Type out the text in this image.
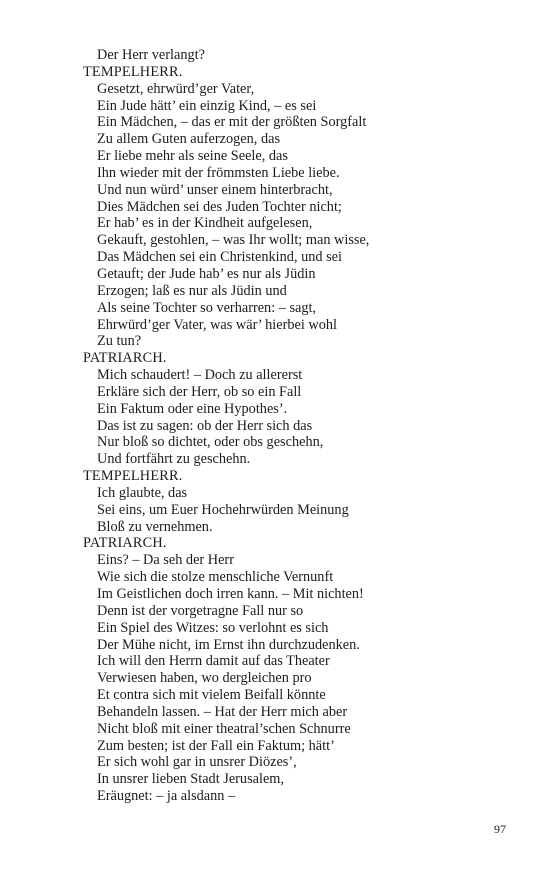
Der Herr verlangt?
TEMPELHERR.
Gesetzt, ehrwürd’ger Vater,
Ein Jude hätt’ ein einzig Kind, – es sei
Ein Mädchen, – das er mit der größten Sorgfalt
Zu allem Guten auferzogen, das
Er liebe mehr als seine Seele, das
Ihn wieder mit der frömmsten Liebe liebe.
Und nun würd’ unser einem hinterbracht,
Dies Mädchen sei des Juden Tochter nicht;
Er hab’ es in der Kindheit aufgelesen,
Gekauft, gestohlen, – was Ihr wollt; man wisse,
Das Mädchen sei ein Christenkind, und sei
Getauft; der Jude hab’ es nur als Jüdin
Erzogen; laß es nur als Jüdin und
Als seine Tochter so verharren: – sagt,
Ehrwürd’ger Vater, was wär’ hierbei wohl
Zu tun?
PATRIARCH.
Mich schaudert! – Doch zu allererst
Erkläre sich der Herr, ob so ein Fall
Ein Faktum oder eine Hypothes’.
Das ist zu sagen: ob der Herr sich das
Nur bloß so dichtet, oder obs geschehn,
Und fortfährt zu geschehn.
TEMPELHERR.
Ich glaubte, das
Sei eins, um Euer Hochehrwürden Meinung
Bloß zu vernehmen.
PATRIARCH.
Eins? – Da seh der Herr
Wie sich die stolze menschliche Vernunft
Im Geistlichen doch irren kann. – Mit nichten!
Denn ist der vorgetragne Fall nur so
Ein Spiel des Witzes: so verlohnt es sich
Der Mühe nicht, im Ernst ihn durchzudenken.
Ich will den Herrn damit auf das Theater
Verwiesen haben, wo dergleichen pro
Et contra sich mit vielem Beifall könnte
Behandeln lassen. – Hat der Herr mich aber
Nicht bloß mit einer theatral’schen Schnurre
Zum besten; ist der Fall ein Faktum; hätt’
Er sich wohl gar in unsrer Diözes’,
In unsrer lieben Stadt Jerusalem,
Eräugnet: – ja alsdann –
97
